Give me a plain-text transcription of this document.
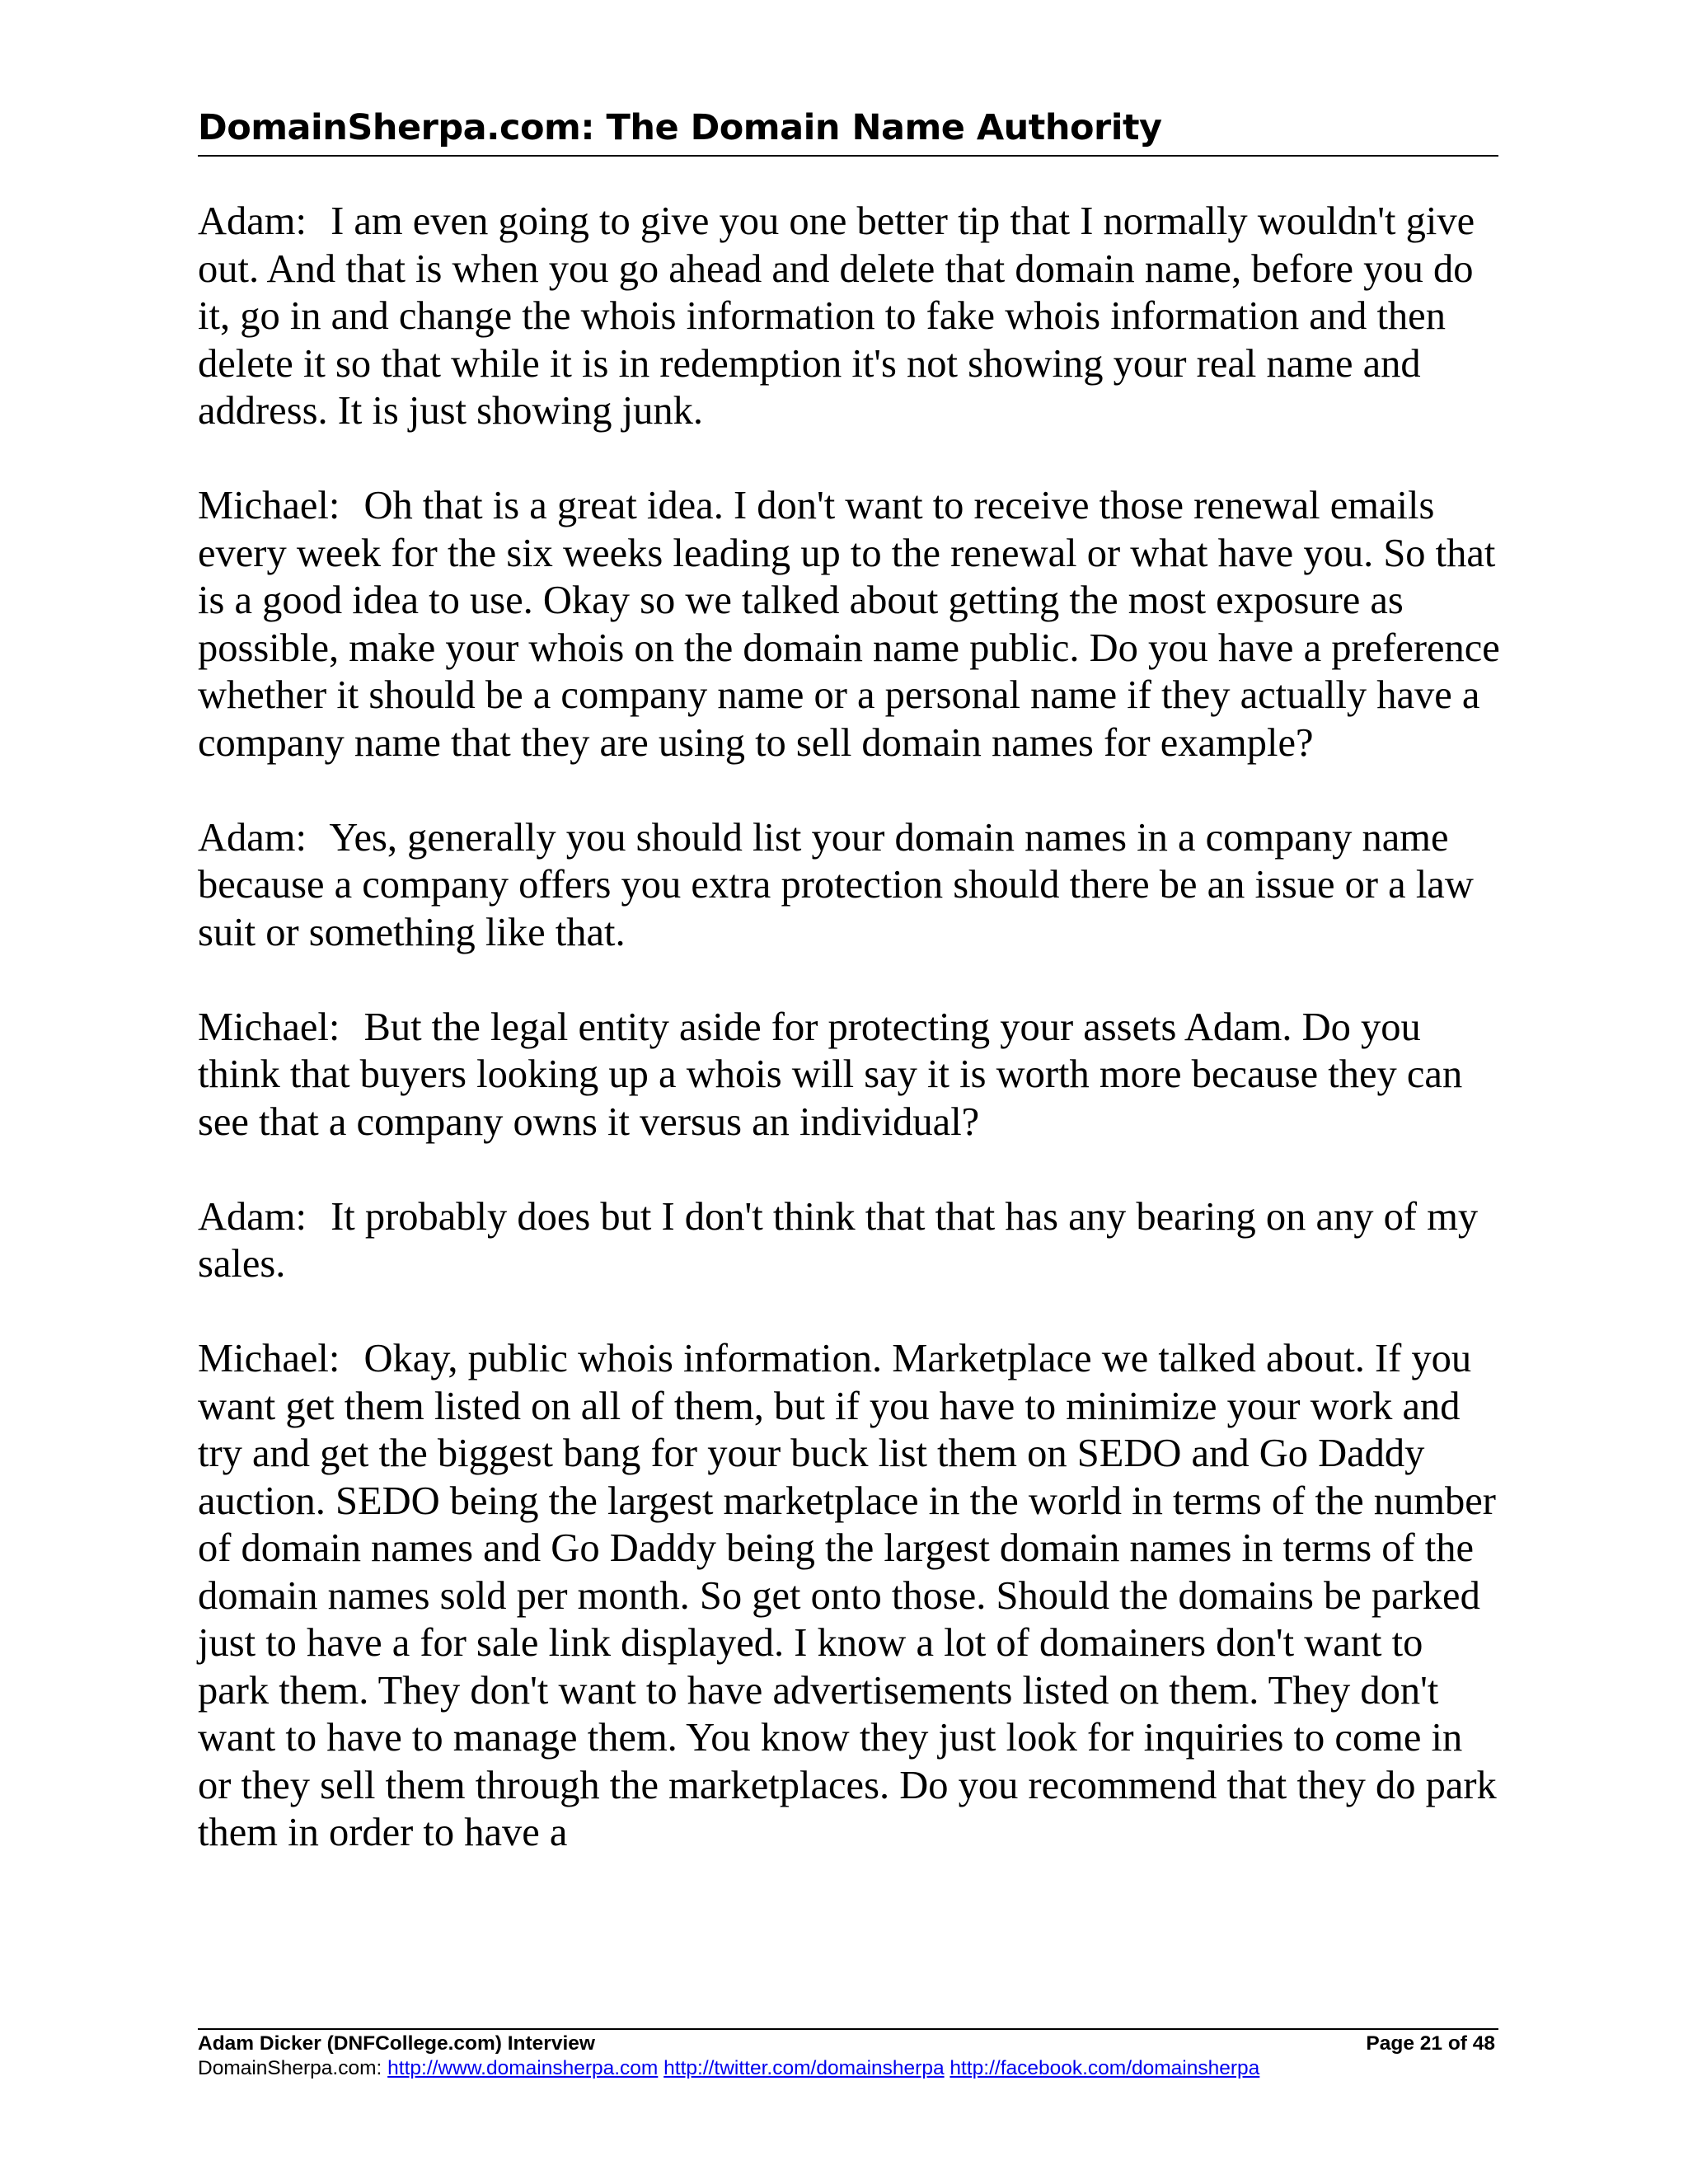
DomainSherpa.com: The Domain Name Authority

Adam: I am even going to give you one better tip that I normally wouldn't give out. And that is when you go ahead and delete that domain name, before you do it, go in and change the whois information to fake whois information and then delete it so that while it is in redemption it's not showing your real name and address. It is just showing junk.

Michael: Oh that is a great idea. I don't want to receive those renewal emails every week for the six weeks leading up to the renewal or what have you. So that is a good idea to use. Okay so we talked about getting the most exposure as possible, make your whois on the domain name public. Do you have a preference whether it should be a company name or a personal name if they actually have a company name that they are using to sell domain names for example?

Adam: Yes, generally you should list your domain names in a company name because a company offers you extra protection should there be an issue or a law suit or something like that.

Michael: But the legal entity aside for protecting your assets Adam. Do you think that buyers looking up a whois will say it is worth more because they can see that a company owns it versus an individual?

Adam: It probably does but I don't think that that has any bearing on any of my sales.

Michael: Okay, public whois information. Marketplace we talked about. If you want get them listed on all of them, but if you have to minimize your work and try and get the biggest bang for your buck list them on SEDO and Go Daddy auction. SEDO being the largest marketplace in the world in terms of the number of domain names and Go Daddy being the largest domain names in terms of the domain names sold per month. So get onto those. Should the domains be parked just to have a for sale link displayed. I know a lot of domainers don't want to park them. They don't want to have advertisements listed on them. They don't want to have to manage them. You know they just look for inquiries to come in or they sell them through the marketplaces. Do you recommend that they do park them in order to have a

Adam Dicker (DNFCollege.com) Interview	Page 21 of 48
DomainSherpa.com: http://www.domainsherpa.com http://twitter.com/domainsherpa http://facebook.com/domainsherpa
